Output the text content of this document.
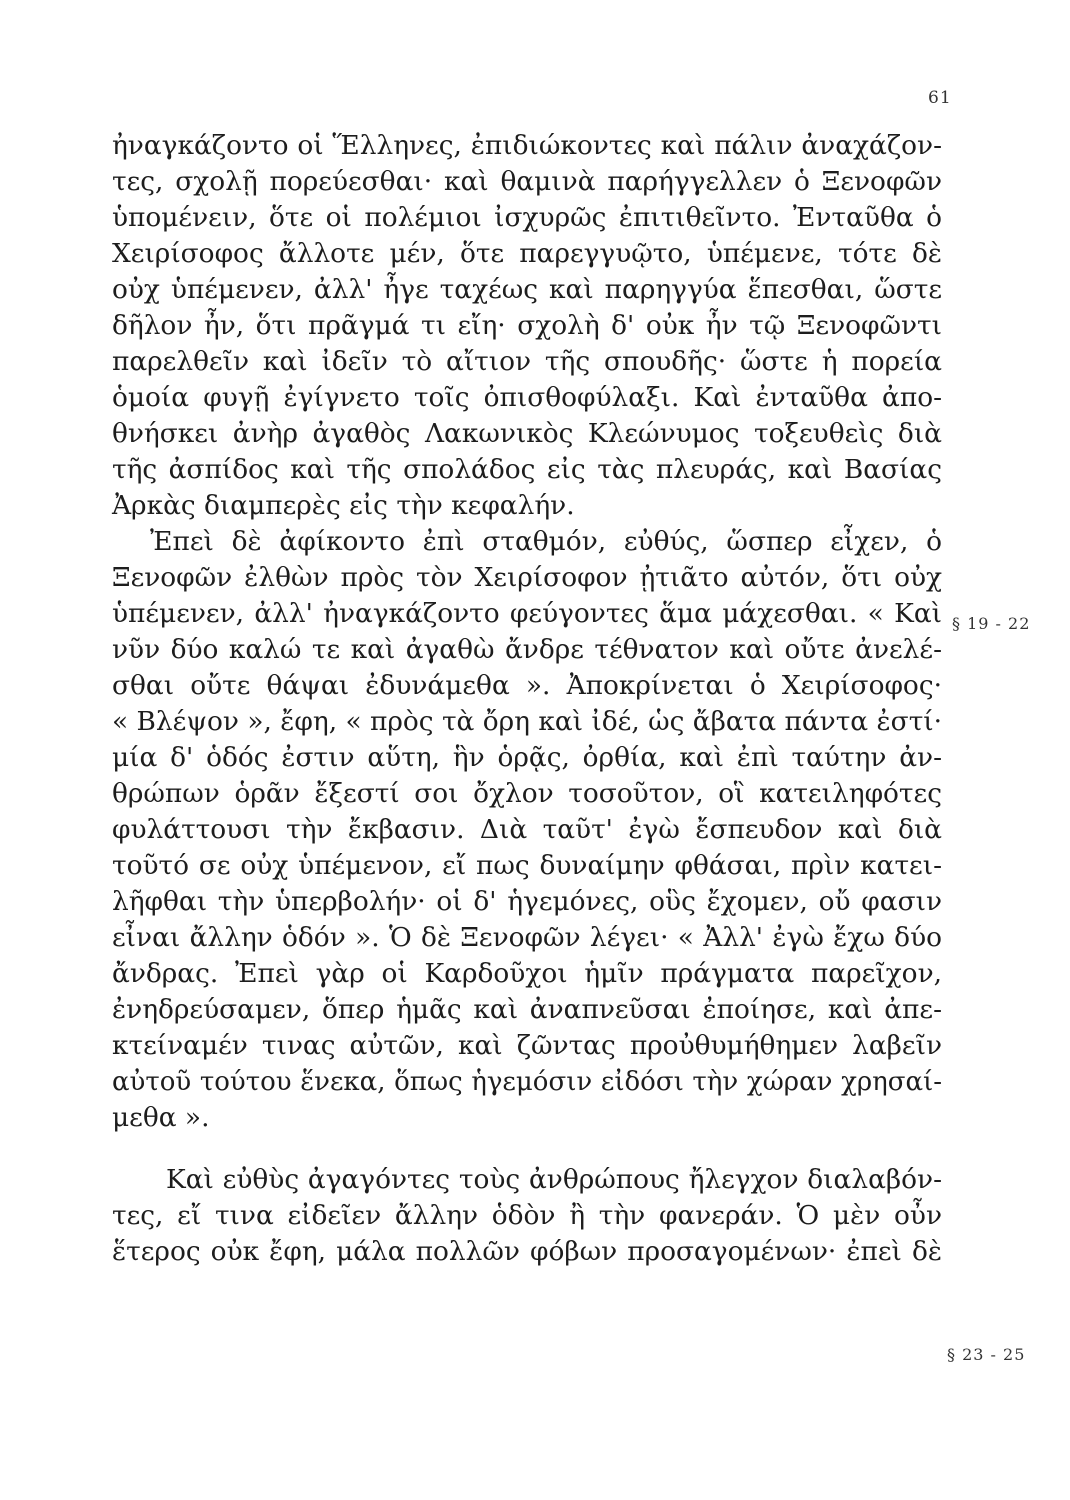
61
§ 19 - 22
§ 23 - 25
ἠναγκάζοντο οἱ Ἕλληνες, ἐπιδιώκοντες καὶ πάλιν ἀναχάζον-
τες, σχολῇ πορεύεσθαι· καὶ θαμινὰ παρήγγελλεν ὁ Ξενοφῶν
ὑπομένειν, ὅτε οἱ πολέμιοι ἰσχυρῶς ἐπιτιθεῖντο. Ἐνταῦθα ὁ
Χειρίσοφος ἄλλοτε μέν, ὅτε παρεγγυῷτο, ὑπέμενε, τότε δὲ
οὐχ ὑπέμενεν, ἀλλ' ἦγε ταχέως καὶ παρηγγύα ἕπεσθαι, ὥστε
δῆλον ἦν, ὅτι πρᾶγμά τι εἴη· σχολὴ δ' οὐκ ἦν τῷ Ξενοφῶντι
παρελθεῖν καὶ ἰδεῖν τὸ αἴτιον τῆς σπουδῆς· ὥστε ἡ πορεία
ὁμοία φυγῇ ἐγίγνετο τοῖς ὀπισθοφύλαξι. Καὶ ἐνταῦθα ἀπο-
θνήσκει ἀνὴρ ἀγαθὸς Λακωνικὸς Κλεώνυμος τοξευθεὶς διὰ
τῆς ἀσπίδος καὶ τῆς σπολάδος εἰς τὰς πλευράς, καὶ Βασίας
Ἀρκὰς διαμπερὲς εἰς τὴν κεφαλήν.
Ἐπεὶ δὲ ἀφίκοντο ἐπὶ σταθμόν, εὐθύς, ὥσπερ εἶχεν, ὁ
Ξενοφῶν ἐλθὼν πρὸς τὸν Χειρίσοφον ᾐτιᾶτο αὐτόν, ὅτι οὐχ
ὑπέμενεν, ἀλλ' ἠναγκάζοντο φεύγοντες ἅμα μάχεσθαι. « Καὶ
νῦν δύο καλώ τε καὶ ἀγαθὼ ἄνδρε τέθνατον καὶ οὔτε ἀνελέ-
σθαι οὔτε θάψαι ἐδυνάμεθα ». Ἀποκρίνεται ὁ Χειρίσοφος·
« Βλέψον », ἔφη, « πρὸς τὰ ὄρη καὶ ἰδέ, ὡς ἄβατα πάντα ἐστί·
μία δ' ὁδός ἐστιν αὕτη, ἣν ὁρᾷς, ὀρθία, καὶ ἐπὶ ταύτην ἀν-
θρώπων ὁρᾶν ἔξεστί σοι ὄχλον τοσοῦτον, οἳ κατειληφότες
φυλάττουσι τὴν ἔκβασιν. Διὰ ταῦτ' ἐγὼ ἔσπευδον καὶ διὰ
τοῦτό σε οὐχ ὑπέμενον, εἴ πως δυναίμην φθάσαι, πρὶν κατει-
λῆφθαι τὴν ὑπερβολήν· οἱ δ' ἡγεμόνες, οὓς ἔχομεν, οὔ φασιν
εἶναι ἄλλην ὁδόν ». Ὁ δὲ Ξενοφῶν λέγει· « Ἀλλ' ἐγὼ ἔχω δύο
ἄνδρας. Ἐπεὶ γὰρ οἱ Καρδοῦχοι ἡμῖν πράγματα παρεῖχον,
ἐνηδρεύσαμεν, ὅπερ ἡμᾶς καὶ ἀναπνεῦσαι ἐποίησε, καὶ ἀπε-
κτείναμέν τινας αὐτῶν, καὶ ζῶντας προὐθυμήθημεν λαβεῖν
αὐτοῦ τούτου ἕνεκα, ὅπως ἡγεμόσιν εἰδόσι τὴν χώραν χρησαί-
μεθα ».
Καὶ εὐθὺς ἀγαγόντες τοὺς ἀνθρώπους ἤλεγχον διαλαβόν-
τες, εἴ τινα εἰδεῖεν ἄλλην ὁδὸν ἢ τὴν φανεράν. Ὁ μὲν οὖν
ἕτερος οὐκ ἔφη, μάλα πολλῶν φόβων προσαγομένων· ἐπεὶ δὲ
